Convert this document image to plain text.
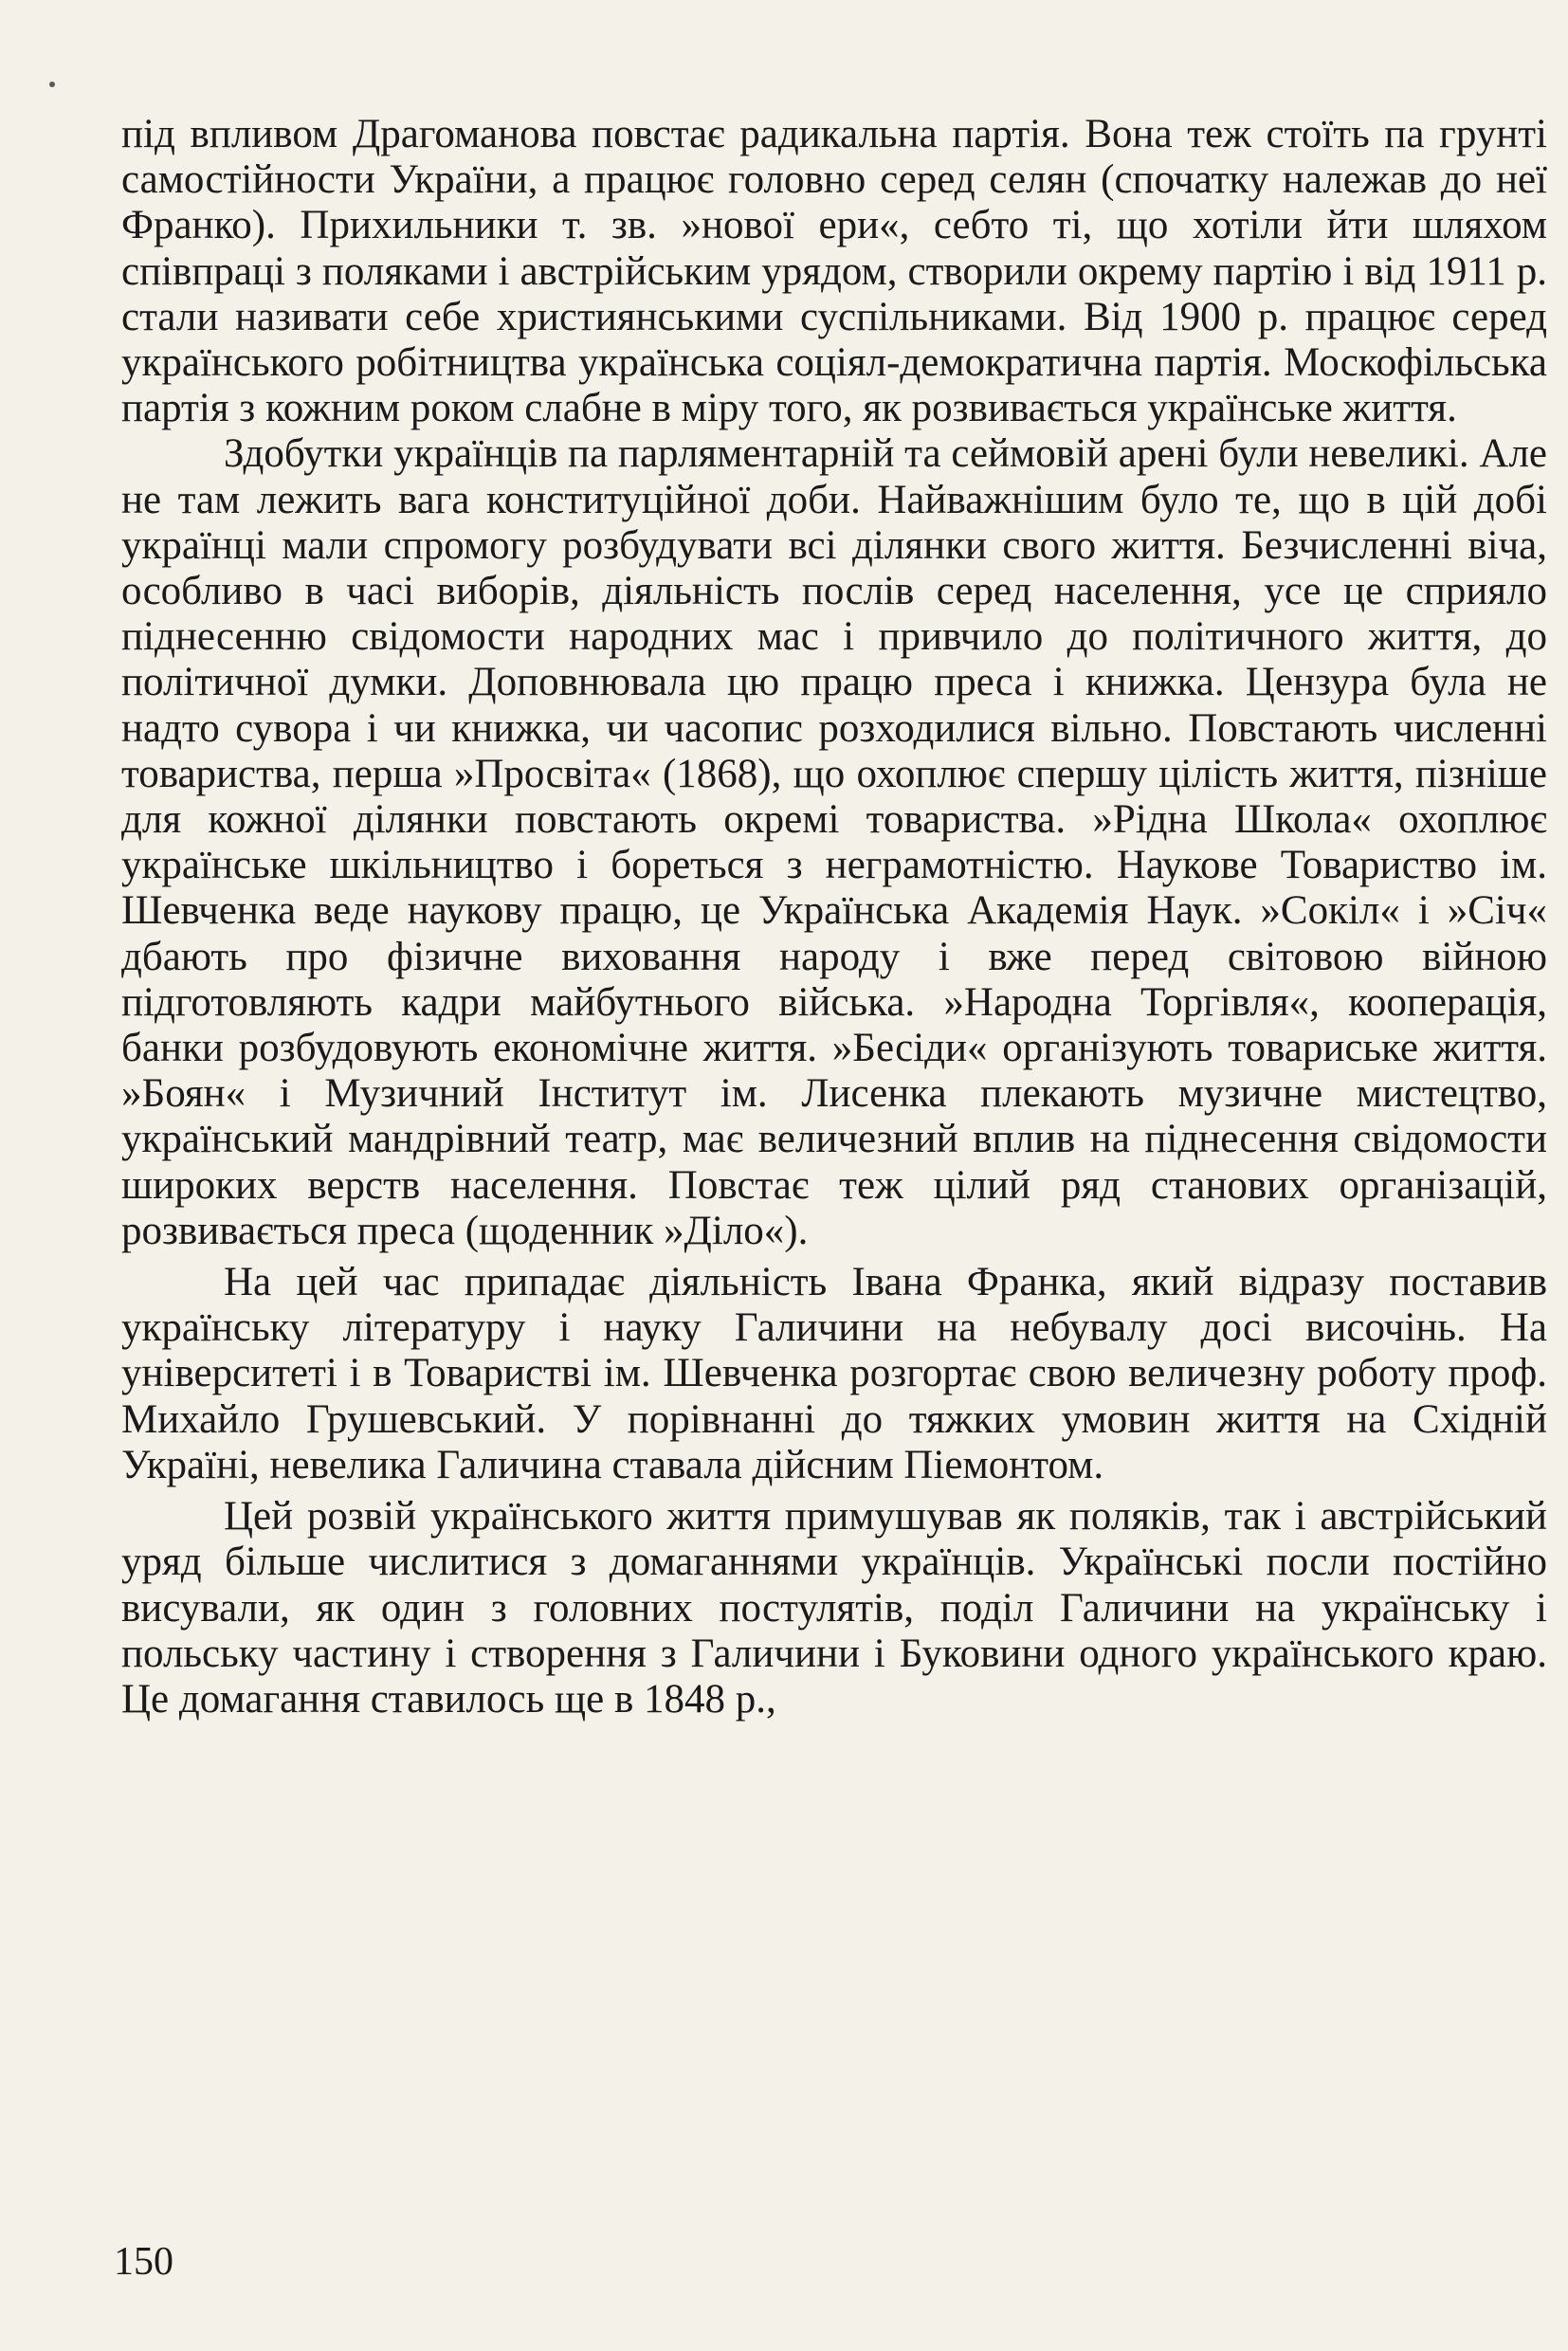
під впливом Драгоманова повстає радикальна партія. Вона теж стоїть па грунті самостійности України, а працює головно серед селян (спочатку належав до неї Франко). Прихильники т. зв. »нової ери«, себто ті, що хотіли йти шляхом співпраці з поляками і австрійським урядом, створили окрему партію і від 1911 р. стали називати себе християнськими суспільниками. Від 1900 р. працює серед українського робітництва українська соціял-демократична партія. Москофільська партія з кожним роком слабне в міру того, як розвивається українське життя.

Здобутки українців па парляментарній та сеймовій арені були невеликі. Але не там лежить вага конституційної доби. Найважнішим було те, що в цій добі українці мали спромогу розбудувати всі ділянки свого життя. Безчисленні віча, особливо в часі виборів, діяльність послів серед населення, усе це сприяло піднесенню свідомости народних мас і привчило до політичного життя, до політичної думки. Доповнювала цю працю преса і книжка. Цензура була не надто сувора і чи книжка, чи часопис розходилися вільно. Повстають численні товариства, перша »Просвіта« (1868), що охоплює спершу цілість життя, пізніше для кожної ділянки повстають окремі товариства. »Рідна Школа« охоплює українське шкільництво і бореться з неграмотністю. Наукове Товариство ім. Шевченка веде наукову працю, це Українська Академія Наук. »Сокіл« і »Січ« дбають про фізичне виховання народу і вже перед світовою війною підготовляють кадри майбутнього війська. »Народна Торгівля«, кооперація, банки розбудовують економічне життя. »Бесіди« організують товариське життя. »Боян« і Музичний Інститут ім. Лисенка плекають музичне мистецтво, український мандрівний театр, має величезний вплив на піднесення свідомости широких верств населення. Повстає теж цілий ряд станових організацій, розвивається преса (щоденник »Діло«).

На цей час припадає діяльність Івана Франка, який відразу поставив українську літературу і науку Галичини на небувалу досі височінь. На університеті і в Товаристві ім. Шевченка розгортає свою величезну роботу проф. Михайло Грушевський. У порівнанні до тяжких умовин життя на Східній Україні, невелика Галичина ставала дійсним Піемонтом.

Цей розвій українського життя примушував як поляків, так і австрійський уряд більше числитися з домаганнями українців. Українські посли постійно висували, як один з головних постулятів, поділ Галичини на українську і польську частину і створення з Галичини і Буковини одного українського краю. Це домагання ставилось ще в 1848 р.,

150
